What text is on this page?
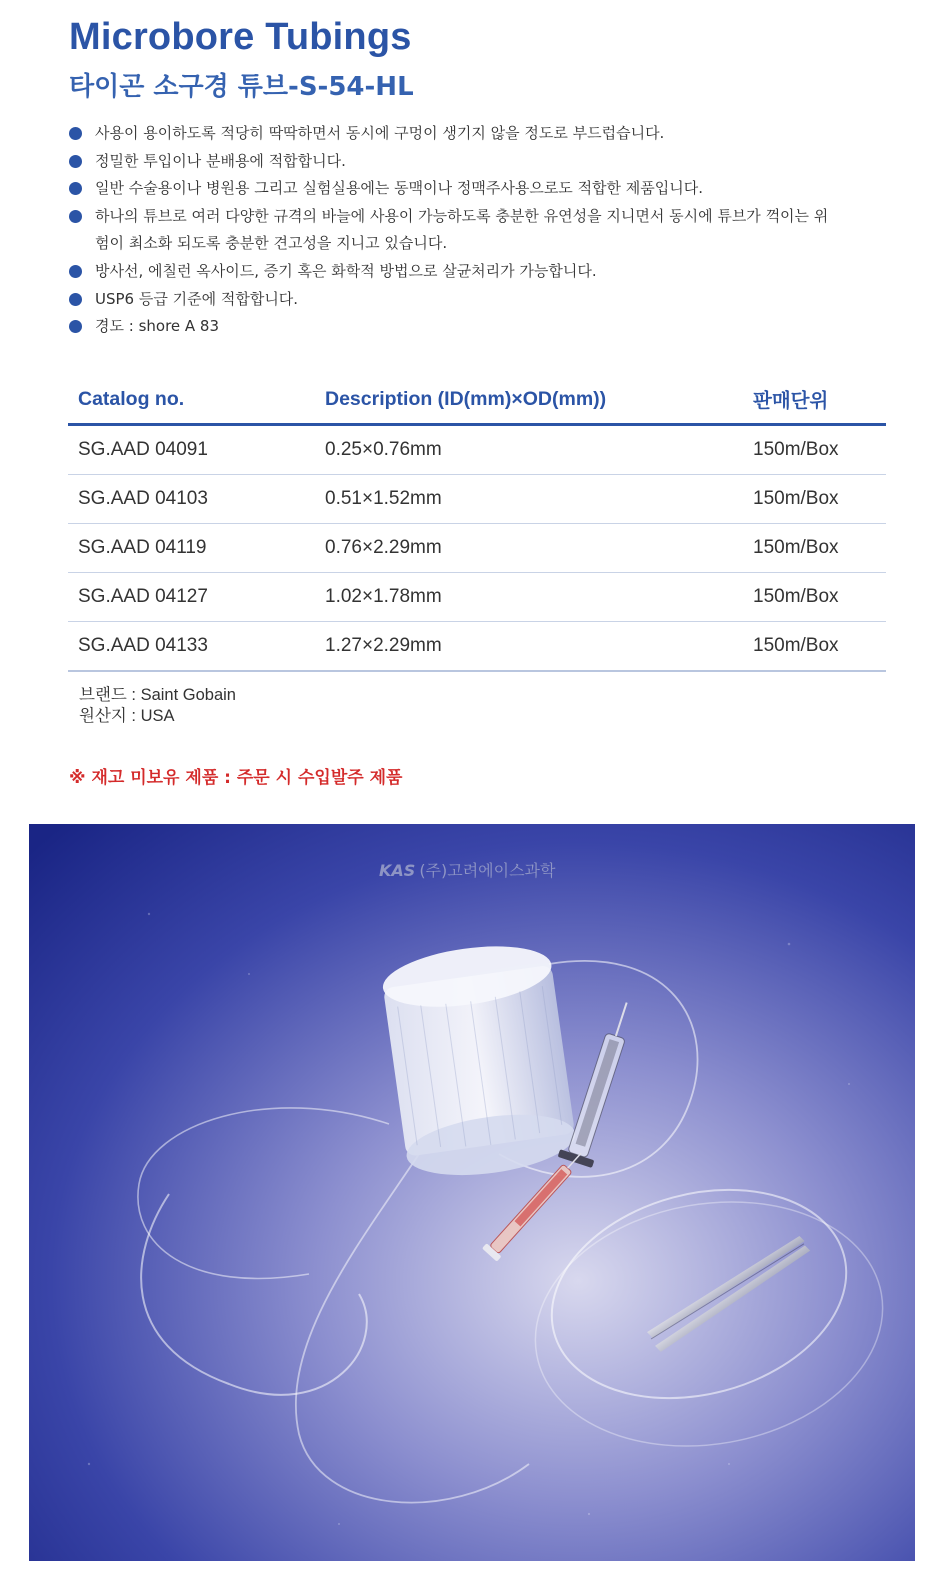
Microbore Tubings
타이곤 소구경 튜브-S-54-HL
사용이 용이하도록 적당히 딱딱하면서 동시에 구멍이 생기지 않을 정도로 부드럽습니다.
정밀한 투입이나 분배용에 적합합니다.
일반 수술용이나 병원용 그리고 실험실용에는 동맥이나 정맥주사용으로도 적합한 제품입니다.
하나의 튜브로 여러 다양한 규격의 바늘에 사용이 가능하도록 충분한 유연성을 지니면서 동시에 튜브가 꺽이는 위험이 최소화 되도록 충분한 견고성을 지니고 있습니다.
방사선, 에칠런 옥사이드, 증기 혹은 화학적 방법으로 살균처리가 가능합니다.
USP6 등급 기준에 적합합니다.
경도 : shore A 83
Catalog no.	Description (ID(mm)×OD(mm))	판매단위
SG.AAD 04091	0.25×0.76mm	150m/Box
SG.AAD 04103	0.51×1.52mm	150m/Box
SG.AAD 04119	0.76×2.29mm	150m/Box
SG.AAD 04127	1.02×1.78mm	150m/Box
SG.AAD 04133	1.27×2.29mm	150m/Box
브랜드 : Saint Gobain
원산지 : USA
※ 재고 미보유 제품 : 주문 시 수입발주 제품
KAS (주)고려에이스과학
